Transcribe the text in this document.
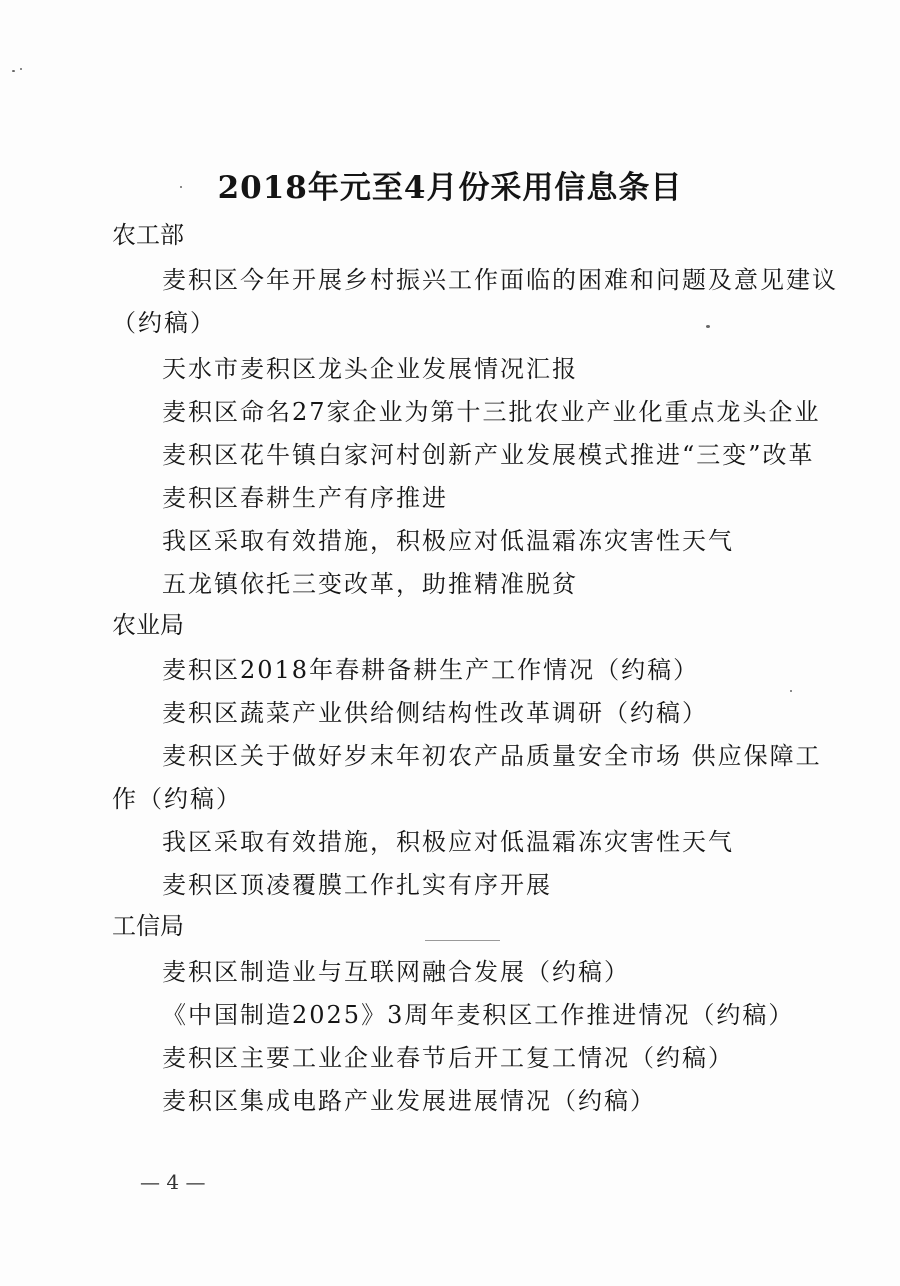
2018年元至4月份采用信息条目
农工部
麦积区今年开展乡村振兴工作面临的困难和问题及意见建议
（约稿）
天水市麦积区龙头企业发展情况汇报
麦积区命名27家企业为第十三批农业产业化重点龙头企业
麦积区花牛镇白家河村创新产业发展模式推进“三变”改革
麦积区春耕生产有序推进
我区采取有效措施，积极应对低温霜冻灾害性天气
五龙镇依托三变改革，助推精准脱贫
农业局
麦积区2018年春耕备耕生产工作情况（约稿）
麦积区蔬菜产业供给侧结构性改革调研（约稿）
麦积区关于做好岁末年初农产品质量安全市场 供应保障工
作（约稿）
我区采取有效措施，积极应对低温霜冻灾害性天气
麦积区顶凌覆膜工作扎实有序开展
工信局
麦积区制造业与互联网融合发展（约稿）
《中国制造2025》3周年麦积区工作推进情况（约稿）
麦积区主要工业企业春节后开工复工情况（约稿）
麦积区集成电路产业发展进展情况（约稿）
— 4 —
